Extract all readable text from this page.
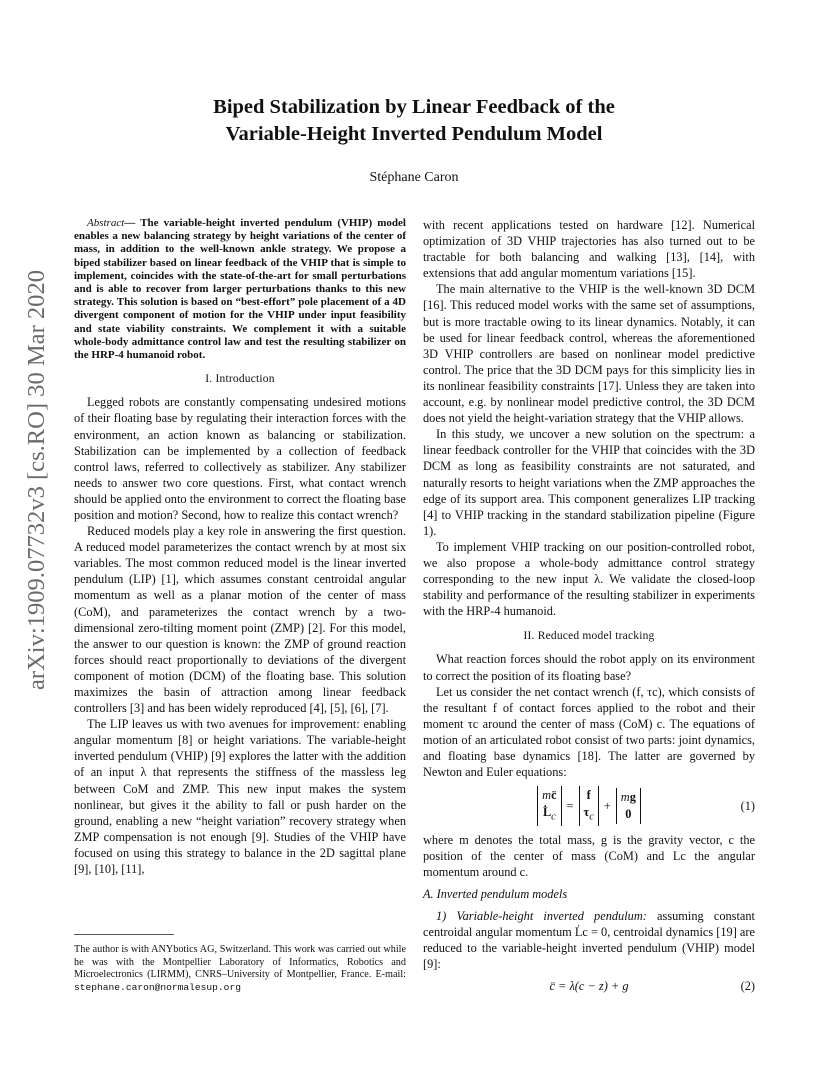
arXiv:1909.07732v3 [cs.RO] 30 Mar 2020
Biped Stabilization by Linear Feedback of the
Variable-Height Inverted Pendulum Model
Stéphane Caron

Abstract— The variable-height inverted pendulum (VHIP) model enables a new balancing strategy by height variations of the center of mass, in addition to the well-known ankle strategy. We propose a biped stabilizer based on linear feedback of the VHIP that is simple to implement, coincides with the state-of-the-art for small perturbations and is able to recover from larger perturbations thanks to this new strategy. This solution is based on “best-effort” pole placement of a 4D divergent component of motion for the VHIP under input feasibility and state viability constraints. We complement it with a suitable whole-body admittance control law and test the resulting stabilizer on the HRP-4 humanoid robot.

I. Introduction

Legged robots are constantly compensating undesired motions of their floating base by regulating their interaction forces with the environment, an action known as balancing or stabilization. Stabilization can be implemented by a collection of feedback control laws, referred to collectively as stabilizer. Any stabilizer needs to answer two core questions. First, what contact wrench should be applied onto the environment to correct the floating base position and motion? Second, how to realize this contact wrench?

Reduced models play a key role in answering the first question. A reduced model parameterizes the contact wrench by at most six variables. The most common reduced model is the linear inverted pendulum (LIP) [1], which assumes constant centroidal angular momentum as well as a planar motion of the center of mass (CoM), and parameterizes the contact wrench by a two-dimensional zero-tilting moment point (ZMP) [2]. For this model, the answer to our question is known: the ZMP of ground reaction forces should react proportionally to deviations of the divergent component of motion (DCM) of the floating base. This solution maximizes the basin of attraction among linear feedback controllers [3] and has been widely reproduced [4], [5], [6], [7].

The LIP leaves us with two avenues for improvement: enabling angular momentum [8] or height variations. The variable-height inverted pendulum (VHIP) [9] explores the latter with the addition of an input λ that represents the stiffness of the massless leg between CoM and ZMP. This new input makes the system nonlinear, but gives it the ability to fall or push harder on the ground, enabling a new “height variation” recovery strategy when ZMP compensation is not enough [9]. Studies of the VHIP have focused on using this strategy to balance in the 2D sagittal plane [9], [10], [11],

The author is with ANYbotics AG, Switzerland. This work was carried out while he was with the Montpellier Laboratory of Informatics, Robotics and Microelectronics (LIRMM), CNRS–University of Montpellier, France. E-mail: stephane.caron@normalesup.org

with recent applications tested on hardware [12]. Numerical optimization of 3D VHIP trajectories has also turned out to be tractable for both balancing and walking [13], [14], with extensions that add angular momentum variations [15].

The main alternative to the VHIP is the well-known 3D DCM [16]. This reduced model works with the same set of assumptions, but is more tractable owing to its linear dynamics. Notably, it can be used for linear feedback control, whereas the aforementioned 3D VHIP controllers are based on nonlinear model predictive control. The price that the 3D DCM pays for this simplicity lies in its nonlinear feasibility constraints [17]. Unless they are taken into account, e.g. by nonlinear model predictive control, the 3D DCM does not yield the height-variation strategy that the VHIP allows.

In this study, we uncover a new solution on the spectrum: a linear feedback controller for the VHIP that coincides with the 3D DCM as long as feasibility constraints are not saturated, and naturally resorts to height variations when the ZMP approaches the edge of its support area. This component generalizes LIP tracking [4] to VHIP tracking in the standard stabilization pipeline (Figure 1).

To implement VHIP tracking on our position-controlled robot, we also propose a whole-body admittance control strategy corresponding to the new input λ. We validate the closed-loop stability and performance of the resulting stabilizer in experiments with the HRP-4 humanoid.

II. Reduced model tracking

What reaction forces should the robot apply on its environment to correct the position of its floating base?

Let us consider the net contact wrench (f, τc), which consists of the resultant f of contact forces applied to the robot and their moment τc around the center of mass (CoM) c. The equations of motion of an articulated robot consist of two parts: joint dynamics, and floating base dynamics [18]. The latter are governed by Newton and Euler equations:

mc̈
$L̇_c$
=
f
$\tau_c$
+
mg
0
(1)

where m denotes the total mass, g is the gravity vector, c the position of the center of mass (CoM) and Lc the angular momentum around c.

A. Inverted pendulum models

1) Variable-height inverted pendulum: assuming constant centroidal angular momentum L̇c = 0, centroidal dynamics [19] are reduced to the variable-height inverted pendulum (VHIP) model [9]:

c̈ = λ(c − z) + g	(2)
